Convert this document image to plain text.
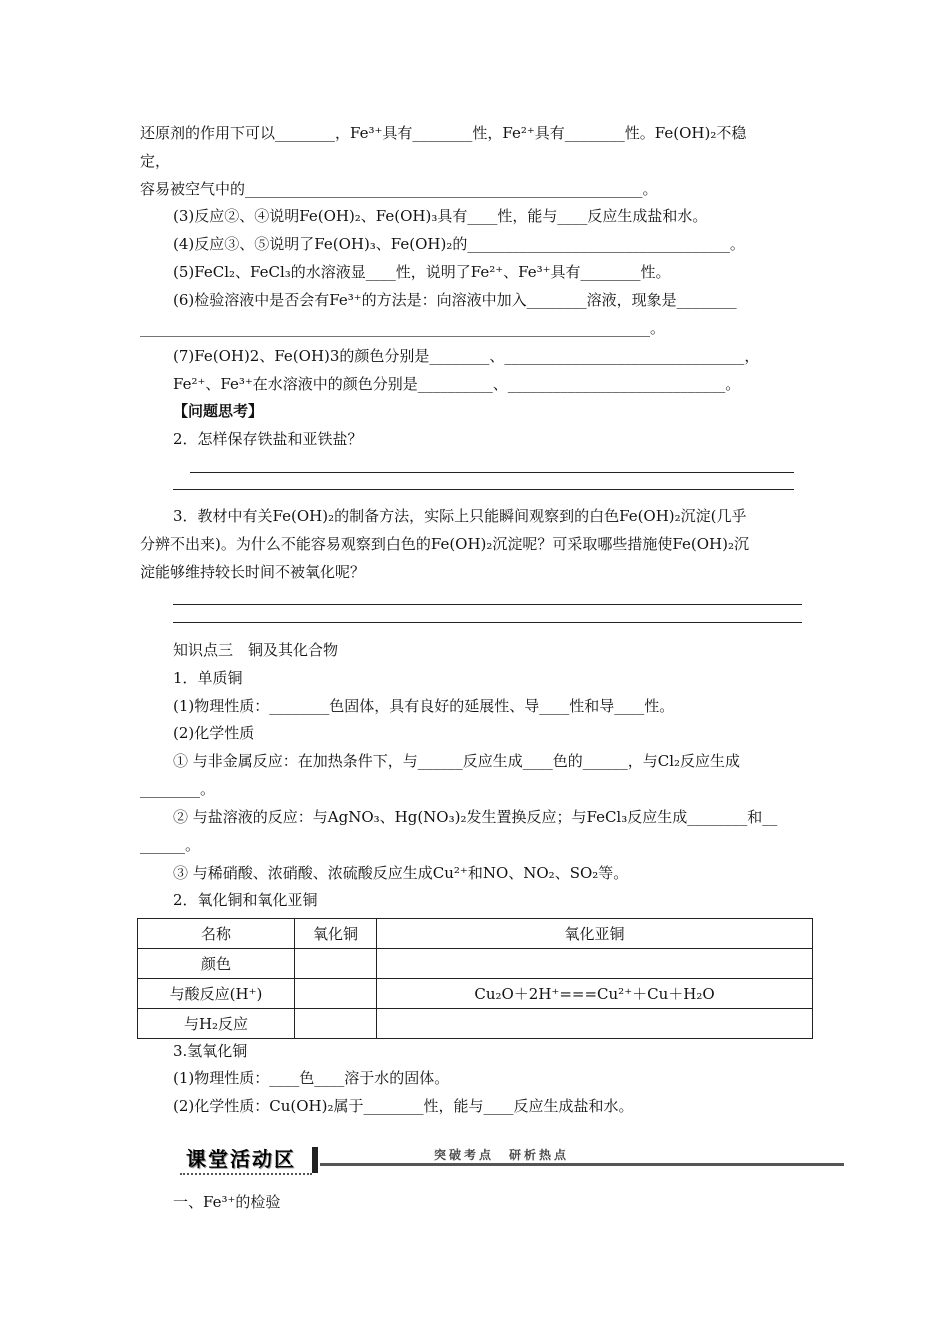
还原剂的作用下可以________，Fe³⁺具有________性，Fe²⁺具有________性。Fe(OH)₂不稳
定，
容易被空气中的_____________________________________________________。
(3)反应②、④说明Fe(OH)₂、Fe(OH)₃具有____性，能与____反应生成盐和水。
(4)反应③、⑤说明了Fe(OH)₃、Fe(OH)₂的___________________________________。
(5)FeCl₂、FeCl₃的水溶液显____性，说明了Fe²⁺、Fe³⁺具有________性。
(6)检验溶液中是否会有Fe³⁺的方法是：向溶液中加入________溶液，现象是________
____________________________________________________________________。
(7)Fe(OH)2、Fe(OH)3的颜色分别是________、________________________________，
Fe²⁺、Fe³⁺在水溶液中的颜色分别是__________、_____________________________。
【问题思考】
2．怎样保存铁盐和亚铁盐？
3．教材中有关Fe(OH)₂的制备方法，实际上只能瞬间观察到的白色Fe(OH)₂沉淀(几乎
分辨不出来)。为什么不能容易观察到白色的Fe(OH)₂沉淀呢？可采取哪些措施使Fe(OH)₂沉
淀能够维持较长时间不被氧化呢？
知识点三　铜及其化合物
1．单质铜
(1)物理性质：________色固体，具有良好的延展性、导____性和导____性。
(2)化学性质
① 与非金属反应：在加热条件下，与______反应生成____色的______，与Cl₂反应生成
________。
② 与盐溶液的反应：与AgNO₃、Hg(NO₃)₂发生置换反应；与FeCl₃反应生成________和__
______。
③ 与稀硝酸、浓硝酸、浓硫酸反应生成Cu²⁺和NO、NO₂、SO₂等。
2．氧化铜和氧化亚铜
名称	氧化铜	氧化亚铜
颜色		
与酸反应(H⁺)		Cu₂O＋2H⁺===Cu²⁺＋Cu＋H₂O
与H₂反应		
3.氢氧化铜
(1)物理性质：____色____溶于水的固体。
(2)化学性质：Cu(OH)₂属于________性，能与____反应生成盐和水。
课堂活动区	突破考点　研析热点
一、Fe³⁺的检验
